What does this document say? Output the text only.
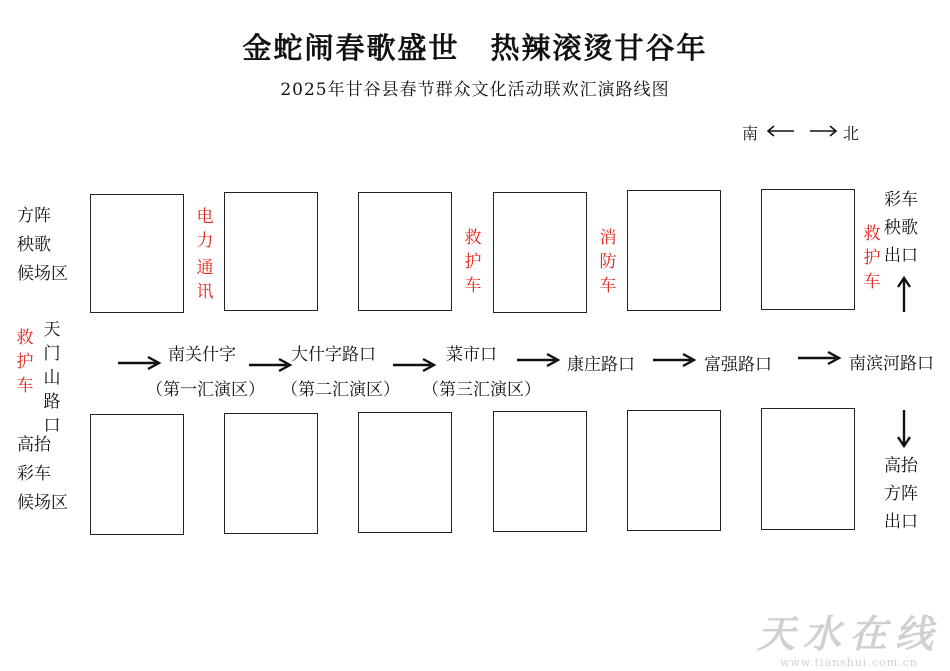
金蛇闹春歌盛世　热辣滚烫甘谷年
2025年甘谷县春节群众文化活动联欢汇演路线图
南	北
方阵
秧歌
候场区
高抬
彩车
候场区
彩车
秧歌
出口
高抬
方阵
出口
救
护
车
天
门
山
路
口
电
力
通
讯
救
护
车
消
防
车
救
护
车
南关什字
（第一汇演区）
大什字路口
（第二汇演区）
菜市口
（第三汇演区）
康庄路口	富强路口	南滨河路口
天水在线
www.tianshui.com.cn
